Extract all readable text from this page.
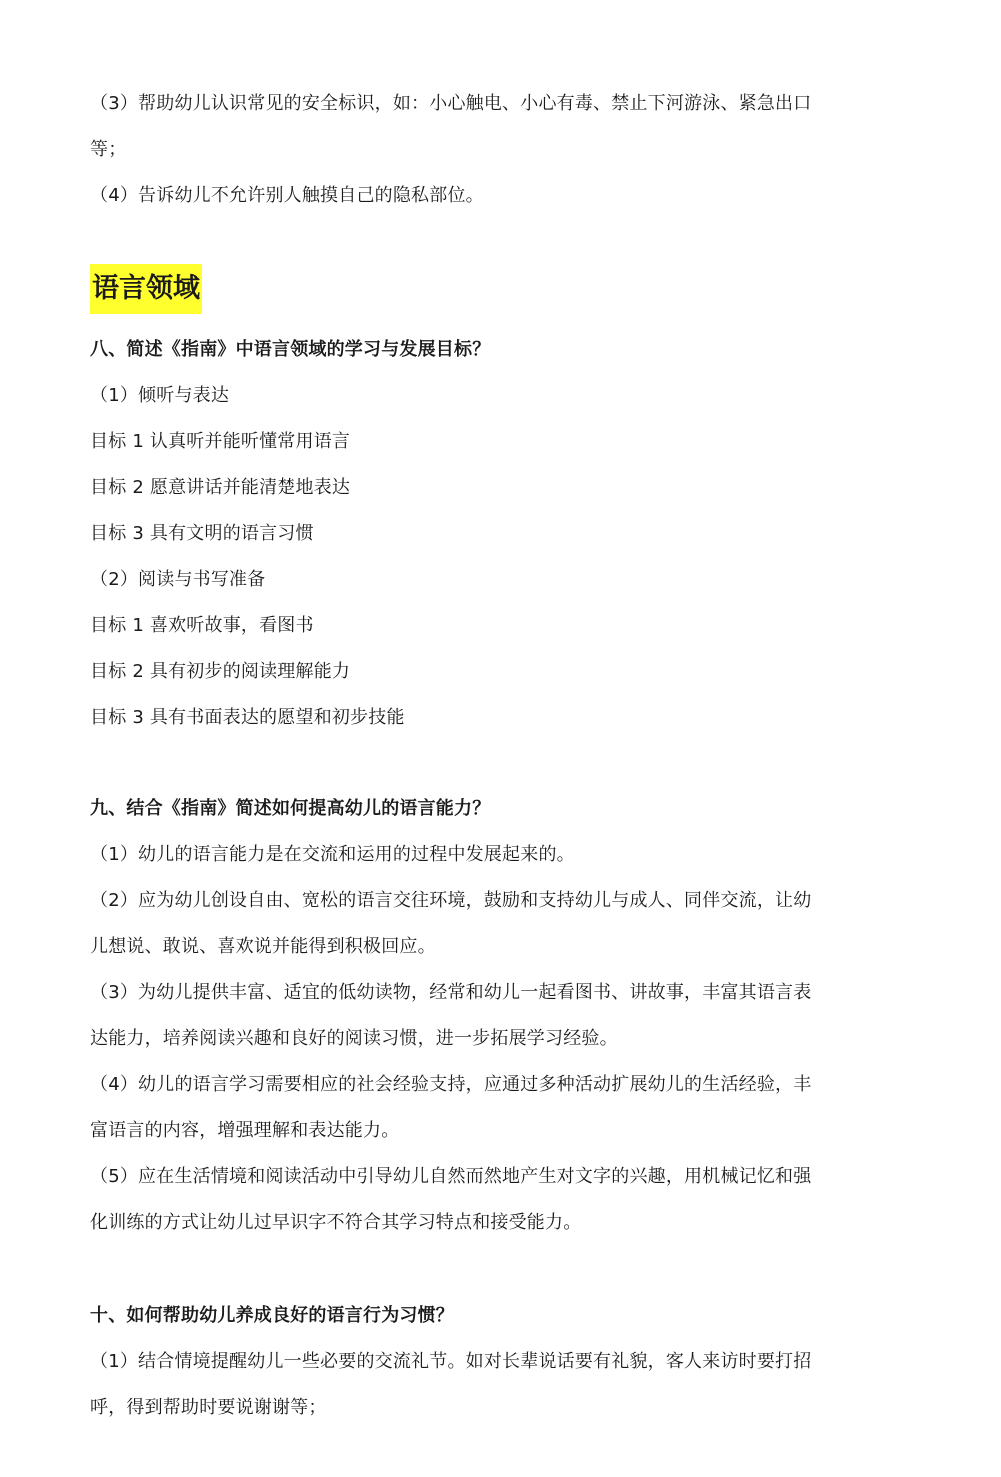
（3）帮助幼儿认识常见的安全标识，如：小心触电、小心有毒、禁止下河游泳、紧急出口
等；
（4）告诉幼儿不允许别人触摸自己的隐私部位。
语言领域
八、简述《指南》中语言领域的学习与发展目标？
（1）倾听与表达
目标 1 认真听并能听懂常用语言
目标 2 愿意讲话并能清楚地表达
目标 3 具有文明的语言习惯
（2）阅读与书写准备
目标 1 喜欢听故事，看图书
目标 2 具有初步的阅读理解能力
目标 3 具有书面表达的愿望和初步技能
九、结合《指南》简述如何提高幼儿的语言能力？
（1）幼儿的语言能力是在交流和运用的过程中发展起来的。
（2）应为幼儿创设自由、宽松的语言交往环境，鼓励和支持幼儿与成人、同伴交流，让幼
儿想说、敢说、喜欢说并能得到积极回应。
（3）为幼儿提供丰富、适宜的低幼读物，经常和幼儿一起看图书、讲故事，丰富其语言表
达能力，培养阅读兴趣和良好的阅读习惯，进一步拓展学习经验。
（4）幼儿的语言学习需要相应的社会经验支持，应通过多种活动扩展幼儿的生活经验，丰
富语言的内容，增强理解和表达能力。
（5）应在生活情境和阅读活动中引导幼儿自然而然地产生对文字的兴趣，用机械记忆和强
化训练的方式让幼儿过早识字不符合其学习特点和接受能力。
十、如何帮助幼儿养成良好的语言行为习惯？
（1）结合情境提醒幼儿一些必要的交流礼节。如对长辈说话要有礼貌，客人来访时要打招
呼，得到帮助时要说谢谢等；
